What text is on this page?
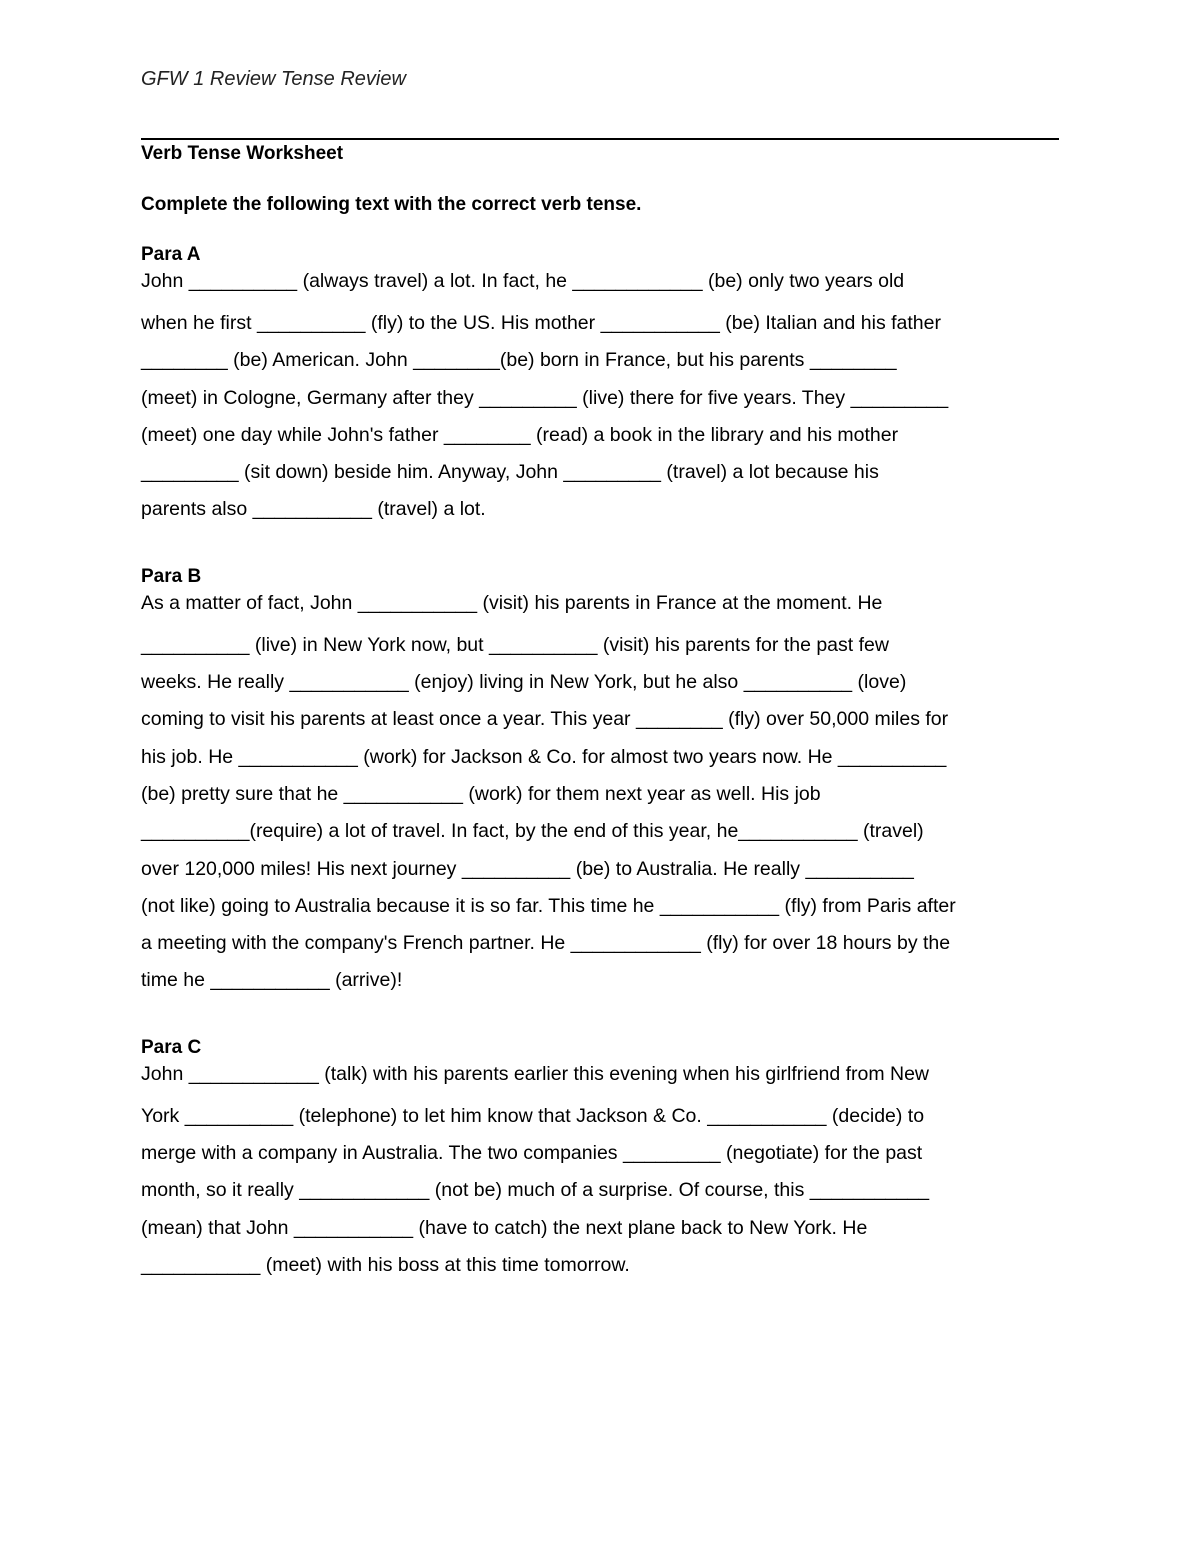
GFW 1 Review Tense Review

Verb Tense Worksheet

Complete the following text with the correct verb tense.

Para A

John __________ (always travel) a lot. In fact, he ____________ (be) only two years old

when he first __________ (fly) to the US. His mother ___________ (be) Italian and his father

________ (be) American. John ________(be) born in France, but his parents ________

(meet) in Cologne, Germany after they _________ (live) there for five years. They _________

(meet) one day while John's father ________ (read) a book in the library and his mother

_________ (sit down) beside him. Anyway, John _________ (travel) a lot because his

parents also ___________ (travel) a lot.

Para B

As a matter of fact, John ___________ (visit) his parents in France at the moment. He

__________ (live) in New York now, but __________ (visit) his parents for the past few

weeks. He really ___________ (enjoy) living in New York, but he also __________ (love)

coming to visit his parents at least once a year. This year ________ (fly) over 50,000 miles for

his job. He ___________ (work) for Jackson & Co. for almost two years now. He __________

(be) pretty sure that he ___________ (work) for them next year as well. His job

__________(require) a lot of travel. In fact, by the end of this year, he___________ (travel)

over 120,000 miles! His next journey __________ (be) to Australia. He really __________

(not like) going to Australia because it is so far. This time he ___________ (fly) from Paris after

a meeting with the company's French partner. He ____________ (fly) for over 18 hours by the

time he ___________ (arrive)!

Para C

John ____________ (talk) with his parents earlier this evening when his girlfriend from New

York __________ (telephone) to let him know that Jackson & Co. ___________ (decide) to

merge with a company in Australia. The two companies _________ (negotiate) for the past

month, so it really ____________ (not be) much of a surprise. Of course, this ___________

(mean) that John ___________ (have to catch) the next plane back to New York. He

___________ (meet) with his boss at this time tomorrow.
